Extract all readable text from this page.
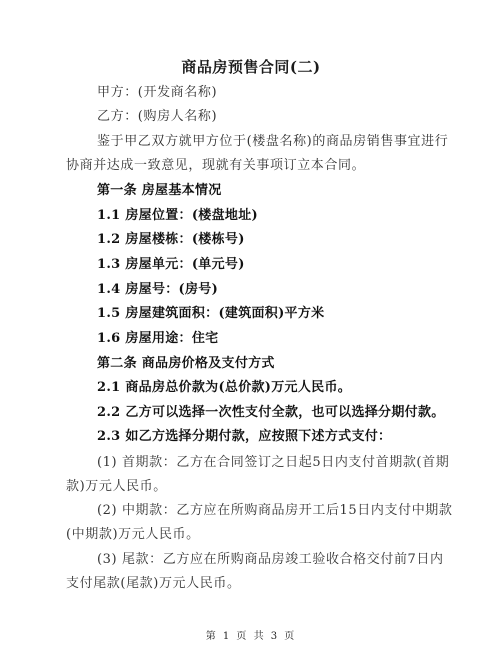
商品房预售合同(二)
甲方：(开发商名称)
乙方：(购房人名称)
鉴于甲乙双方就甲方位于(楼盘名称)的商品房销售事宜进行
协商并达成一致意见，现就有关事项订立本合同。
第一条 房屋基本情况
1.1 房屋位置：(楼盘地址)
1.2 房屋楼栋：(楼栋号)
1.3 房屋单元：(单元号)
1.4 房屋号：(房号)
1.5 房屋建筑面积：(建筑面积)平方米
1.6 房屋用途：住宅
第二条 商品房价格及支付方式
2.1 商品房总价款为(总价款)万元人民币。
2.2 乙方可以选择一次性支付全款，也可以选择分期付款。
2.3 如乙方选择分期付款，应按照下述方式支付：
(1) 首期款：乙方在合同签订之日起5日内支付首期款(首期
款)万元人民币。
(2) 中期款：乙方应在所购商品房开工后15日内支付中期款
(中期款)万元人民币。
(3) 尾款：乙方应在所购商品房竣工验收合格交付前7日内
支付尾款(尾款)万元人民币。
第 1 页 共 3 页
